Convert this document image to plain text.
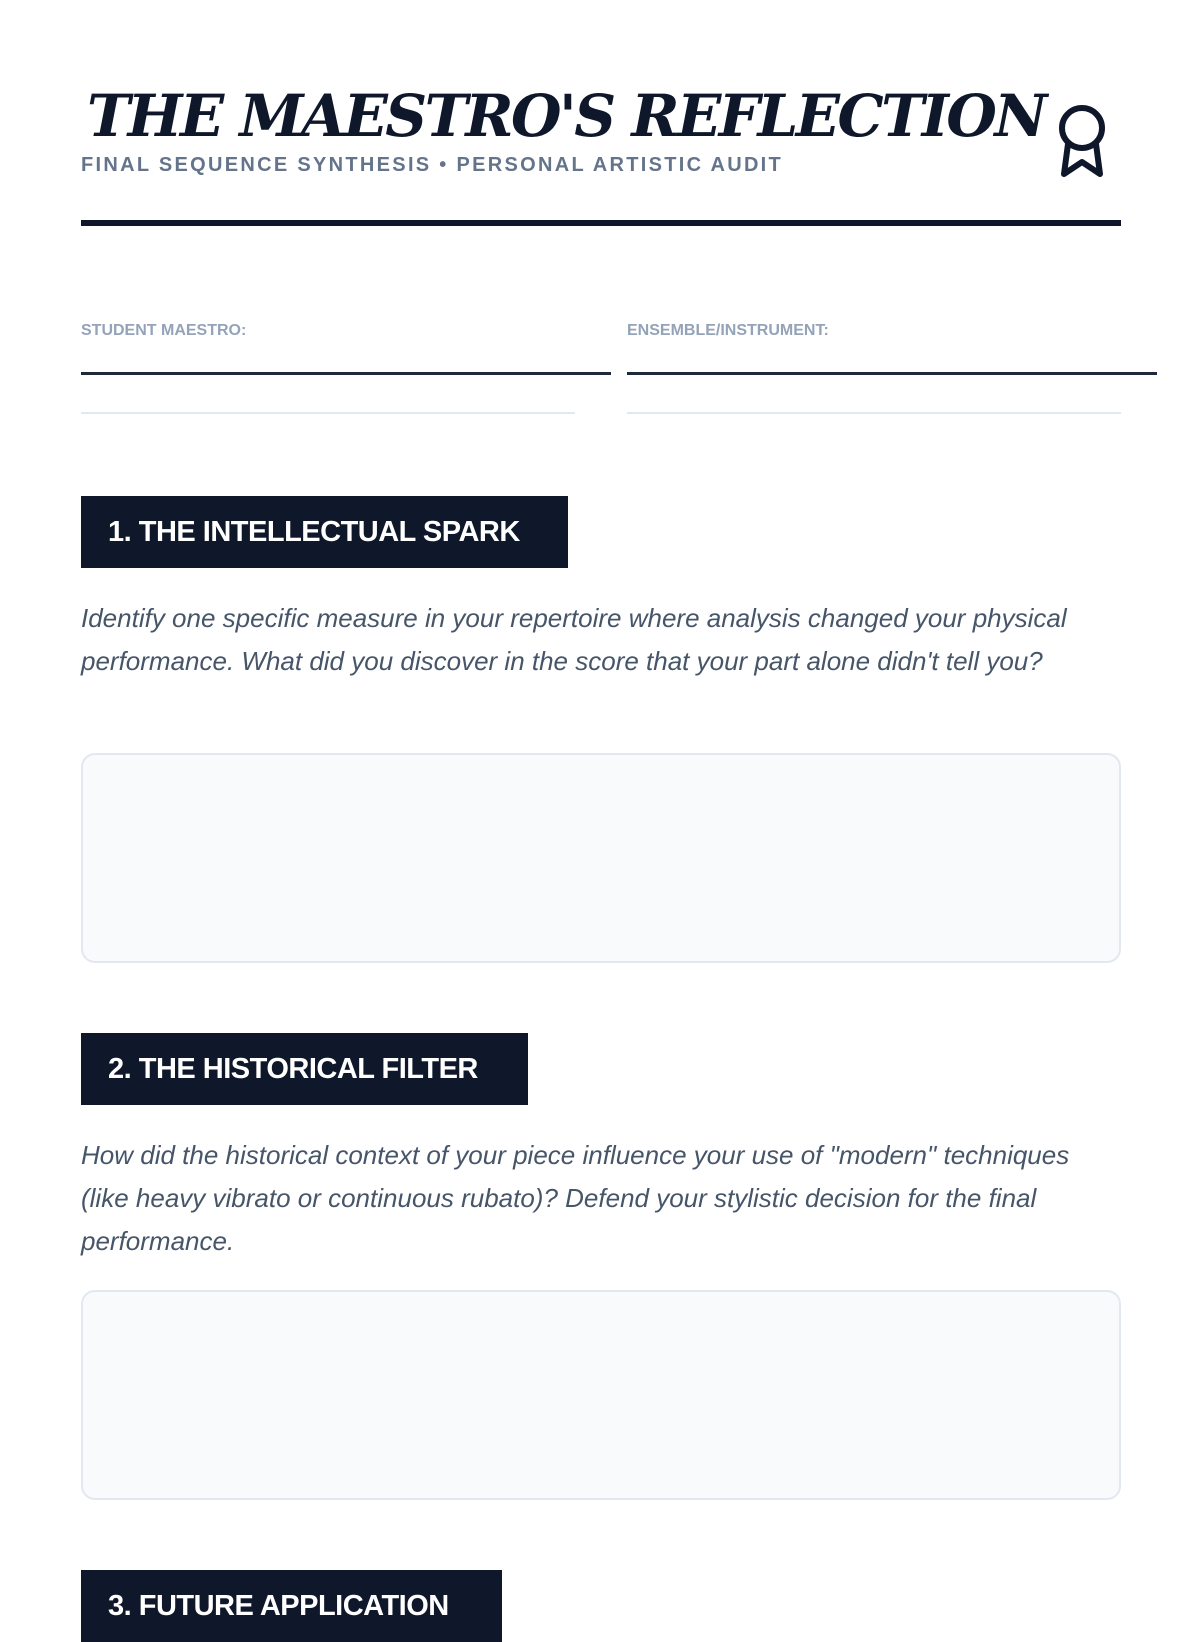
THE MAESTRO'S REFLECTION
FINAL SEQUENCE SYNTHESIS • PERSONAL ARTISTIC AUDIT
STUDENT MAESTRO:	ENSEMBLE/INSTRUMENT:
1. THE INTELLECTUAL SPARK

Identify one specific measure in your repertoire where analysis changed your physical performance. What did you discover in the score that your part alone didn't tell you?

2. THE HISTORICAL FILTER

How did the historical context of your piece influence your use of "modern" techniques (like heavy vibrato or continuous rubato)? Defend your stylistic decision for the final performance.

3. FUTURE APPLICATION
